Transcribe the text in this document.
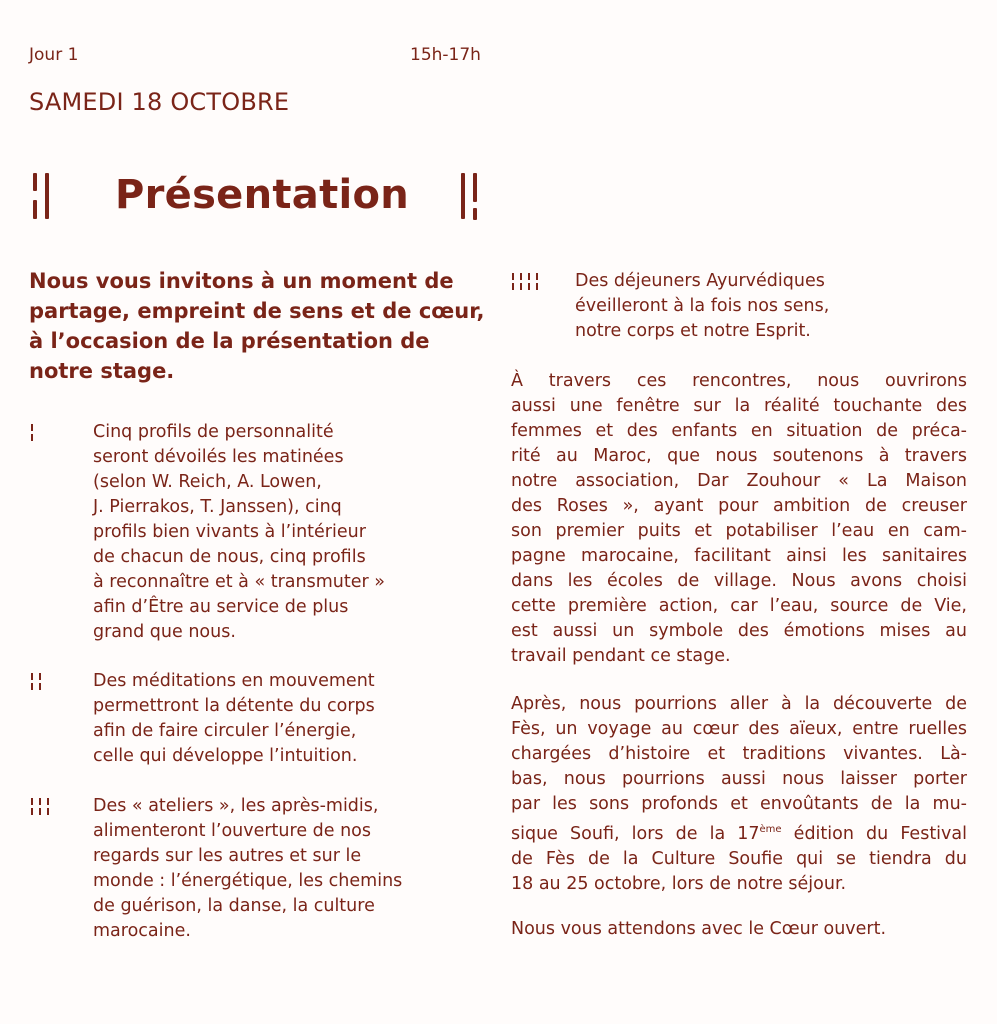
Jour 1	15h-17h
SAMEDI 18 OCTOBRE
Présentation
Nous vous invitons à un moment de partage, empreint de sens et de cœur, à l’occasion de la présentation de notre stage.
Cinq profils de personnalité
seront dévoilés les matinées
(selon W. Reich, A. Lowen,
J. Pierrakos, T. Janssen), cinq
profils bien vivants à l’intérieur
de chacun de nous, cinq profils
à reconnaître et à « transmuter »
afin d’Être au service de plus
grand que nous.
Des méditations en mouvement
permettront la détente du corps
afin de faire circuler l’énergie,
celle qui développe l’intuition.
Des « ateliers », les après-midis,
alimenteront l’ouverture de nos
regards sur les autres et sur le
monde : l’énergétique, les chemins
de guérison, la danse, la culture
marocaine.
Des déjeuners Ayurvédiques
éveilleront à la fois nos sens,
notre corps et notre Esprit.
À travers ces rencontres, nous ouvrirons
aussi une fenêtre sur la réalité touchante des
femmes et des enfants en situation de préca-
rité au Maroc, que nous soutenons à travers
notre association, Dar Zouhour « La Maison
des Roses », ayant pour ambition de creuser
son premier puits et potabiliser l’eau en cam-
pagne marocaine, facilitant ainsi les sanitaires
dans les écoles de village. Nous avons choisi
cette première action, car l’eau, source de Vie,
est aussi un symbole des émotions mises au
travail pendant ce stage.
Après, nous pourrions aller à la découverte de
Fès, un voyage au cœur des aïeux, entre ruelles
chargées d’histoire et traditions vivantes. Là-
bas, nous pourrions aussi nous laisser porter
par les sons profonds et envoûtants de la mu-
sique Soufi, lors de la 17ème édition du Festival
de Fès de la Culture Soufie qui se tiendra du
18 au 25 octobre, lors de notre séjour.
Nous vous attendons avec le Cœur ouvert.
